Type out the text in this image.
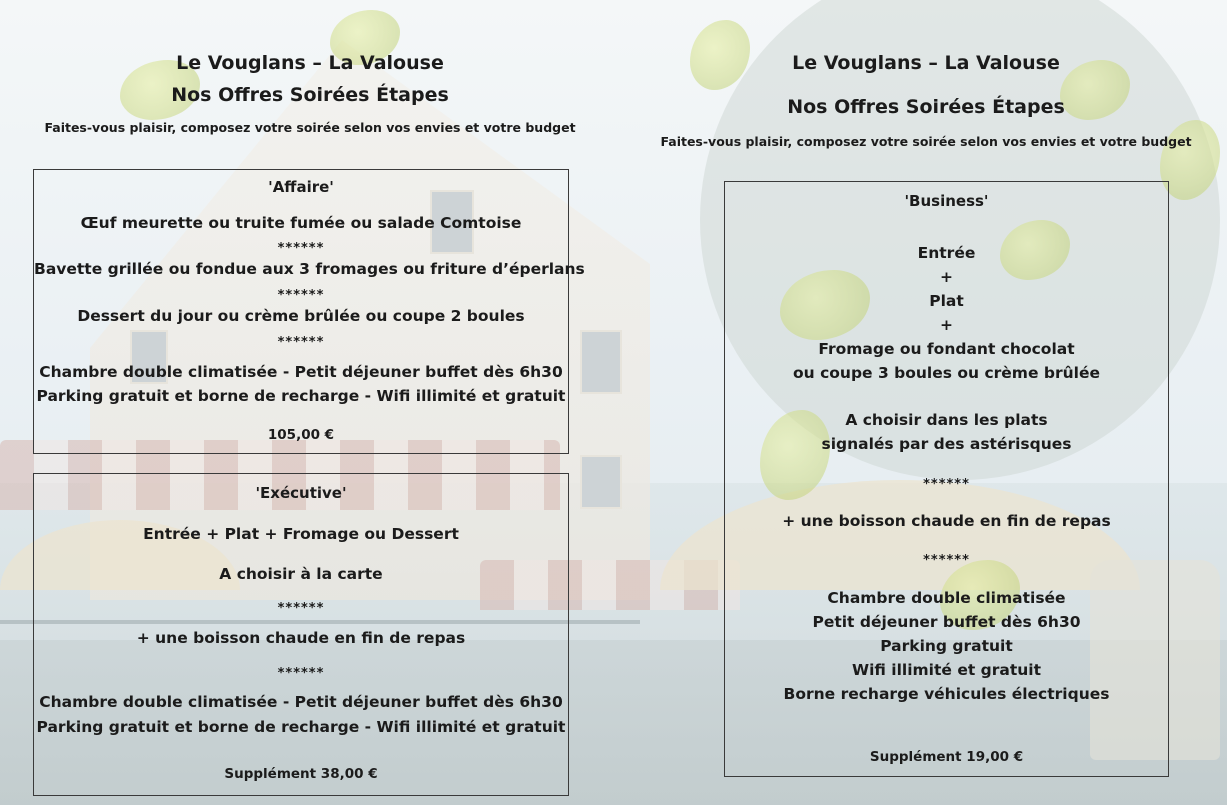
Le Vouglans – La Valouse
Nos Offres Soirées Étapes
Faites-vous plaisir, composez votre soirée selon vos envies et votre budget
'Affaire'
Œuf meurette ou truite fumée ou salade Comtoise
******
Bavette grillée ou fondue aux 3 fromages ou friture d’éperlans
******
Dessert du jour ou crème brûlée ou coupe 2 boules
******
Chambre double climatisée - Petit déjeuner buffet dès 6h30
Parking gratuit et borne de recharge - Wifi illimité et gratuit
105,00 €
'Exécutive'
Entrée + Plat + Fromage ou Dessert
A choisir à la carte
******
+ une boisson chaude en fin de repas
******
Chambre double climatisée - Petit déjeuner buffet dès 6h30
Parking gratuit et borne de recharge - Wifi illimité et gratuit
Supplément 38,00 €
Le Vouglans – La Valouse
Nos Offres Soirées Étapes
Faites-vous plaisir, composez votre soirée selon vos envies et votre budget
'Business'
Entrée
+
Plat
+
Fromage ou fondant chocolat
ou coupe 3 boules ou crème brûlée
A choisir dans les plats
signalés par des astérisques
******
+ une boisson chaude en fin de repas
******
Chambre double climatisée
Petit déjeuner buffet dès 6h30
Parking gratuit
Wifi illimité et gratuit
Borne recharge véhicules électriques
Supplément 19,00 €
